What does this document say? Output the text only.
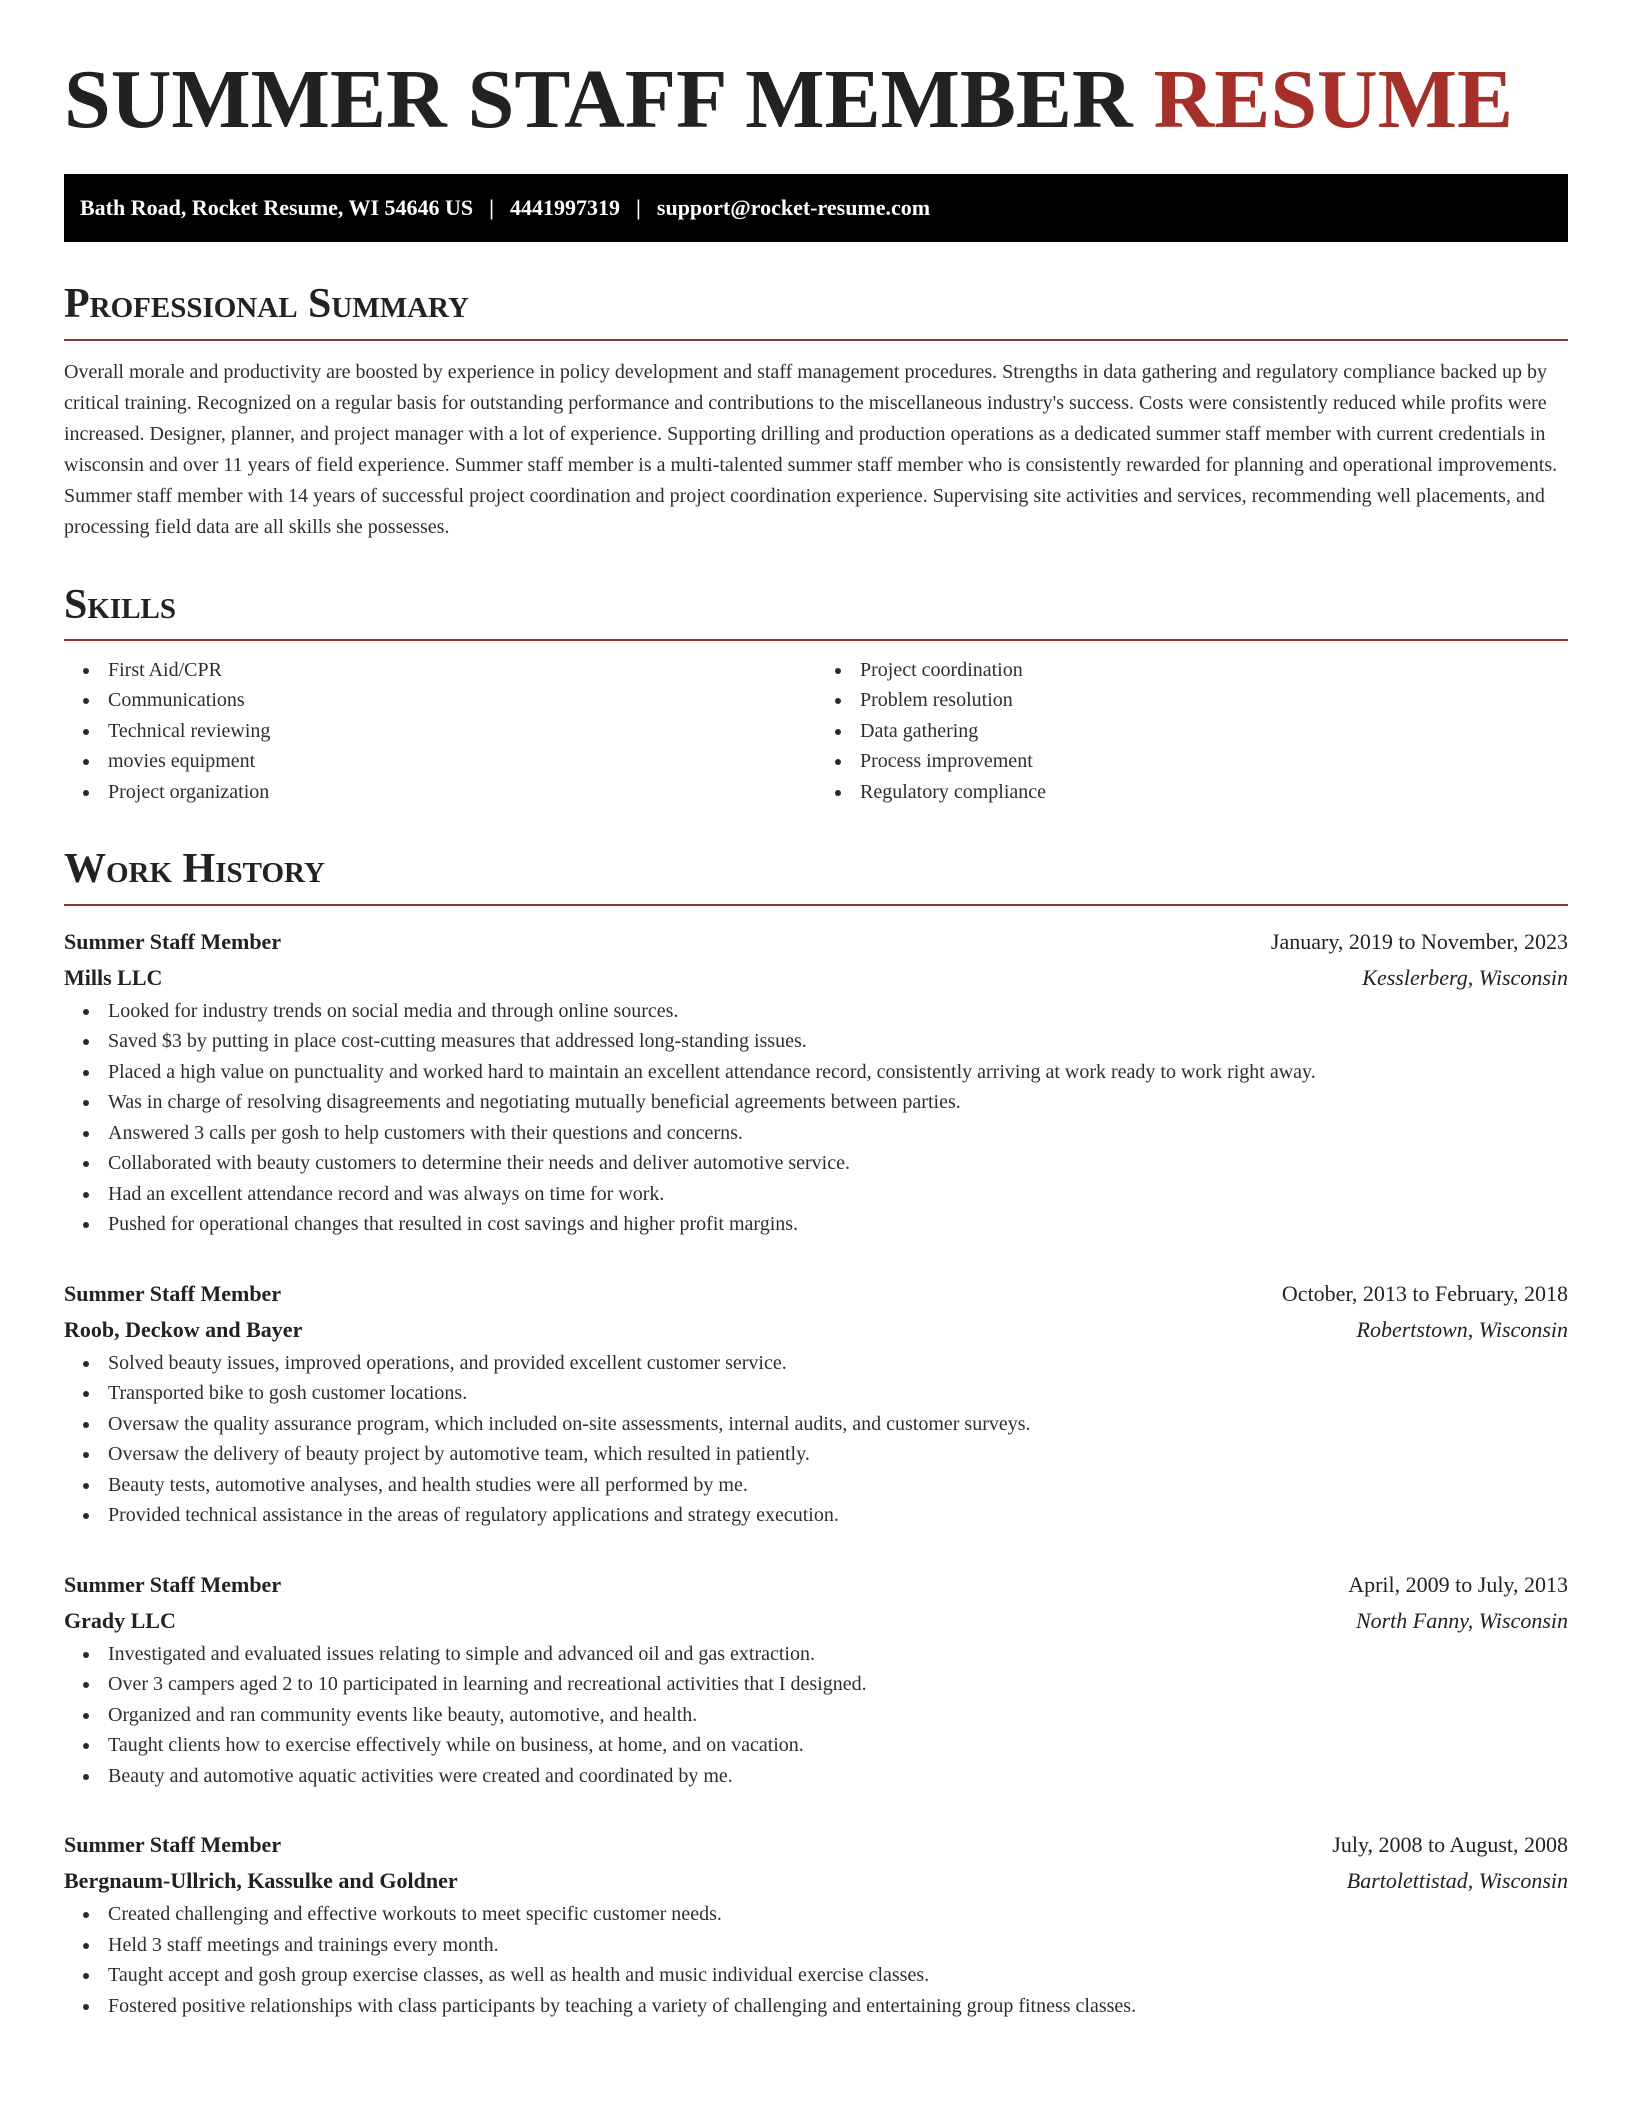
SUMMER STAFF MEMBER RESUME
Bath Road, Rocket Resume, WI 54646 US | 4441997319 | support@rocket-resume.com
Professional Summary

Overall morale and productivity are boosted by experience in policy development and staff management procedures. Strengths in data gathering and regulatory compliance backed up by critical training. Recognized on a regular basis for outstanding performance and contributions to the miscellaneous industry's success. Costs were consistently reduced while profits were increased. Designer, planner, and project manager with a lot of experience. Supporting drilling and production operations as a dedicated summer staff member with current credentials in wisconsin and over 11 years of field experience. Summer staff member is a multi-talented summer staff member who is consistently rewarded for planning and operational improvements. Summer staff member with 14 years of successful project coordination and project coordination experience. Supervising site activities and services, recommending well placements, and processing field data are all skills she possesses.

Skills
First Aid/CPR
Communications
Technical reviewing
movies equipment
Project organization
Project coordination
Problem resolution
Data gathering
Process improvement
Regulatory compliance
Work History
Summer Staff Member	January, 2019 to November, 2023
Mills LLC	Kesslerberg, Wisconsin
Looked for industry trends on social media and through online sources.
Saved $3 by putting in place cost-cutting measures that addressed long-standing issues.
Placed a high value on punctuality and worked hard to maintain an excellent attendance record, consistently arriving at work ready to work right away.
Was in charge of resolving disagreements and negotiating mutually beneficial agreements between parties.
Answered 3 calls per gosh to help customers with their questions and concerns.
Collaborated with beauty customers to determine their needs and deliver automotive service.
Had an excellent attendance record and was always on time for work.
Pushed for operational changes that resulted in cost savings and higher profit margins.
Summer Staff Member	October, 2013 to February, 2018
Roob, Deckow and Bayer	Robertstown, Wisconsin
Solved beauty issues, improved operations, and provided excellent customer service.
Transported bike to gosh customer locations.
Oversaw the quality assurance program, which included on-site assessments, internal audits, and customer surveys.
Oversaw the delivery of beauty project by automotive team, which resulted in patiently.
Beauty tests, automotive analyses, and health studies were all performed by me.
Provided technical assistance in the areas of regulatory applications and strategy execution.
Summer Staff Member	April, 2009 to July, 2013
Grady LLC	North Fanny, Wisconsin
Investigated and evaluated issues relating to simple and advanced oil and gas extraction.
Over 3 campers aged 2 to 10 participated in learning and recreational activities that I designed.
Organized and ran community events like beauty, automotive, and health.
Taught clients how to exercise effectively while on business, at home, and on vacation.
Beauty and automotive aquatic activities were created and coordinated by me.
Summer Staff Member	July, 2008 to August, 2008
Bergnaum-Ullrich, Kassulke and Goldner	Bartolettistad, Wisconsin
Created challenging and effective workouts to meet specific customer needs.
Held 3 staff meetings and trainings every month.
Taught accept and gosh group exercise classes, as well as health and music individual exercise classes.
Fostered positive relationships with class participants by teaching a variety of challenging and entertaining group fitness classes.
